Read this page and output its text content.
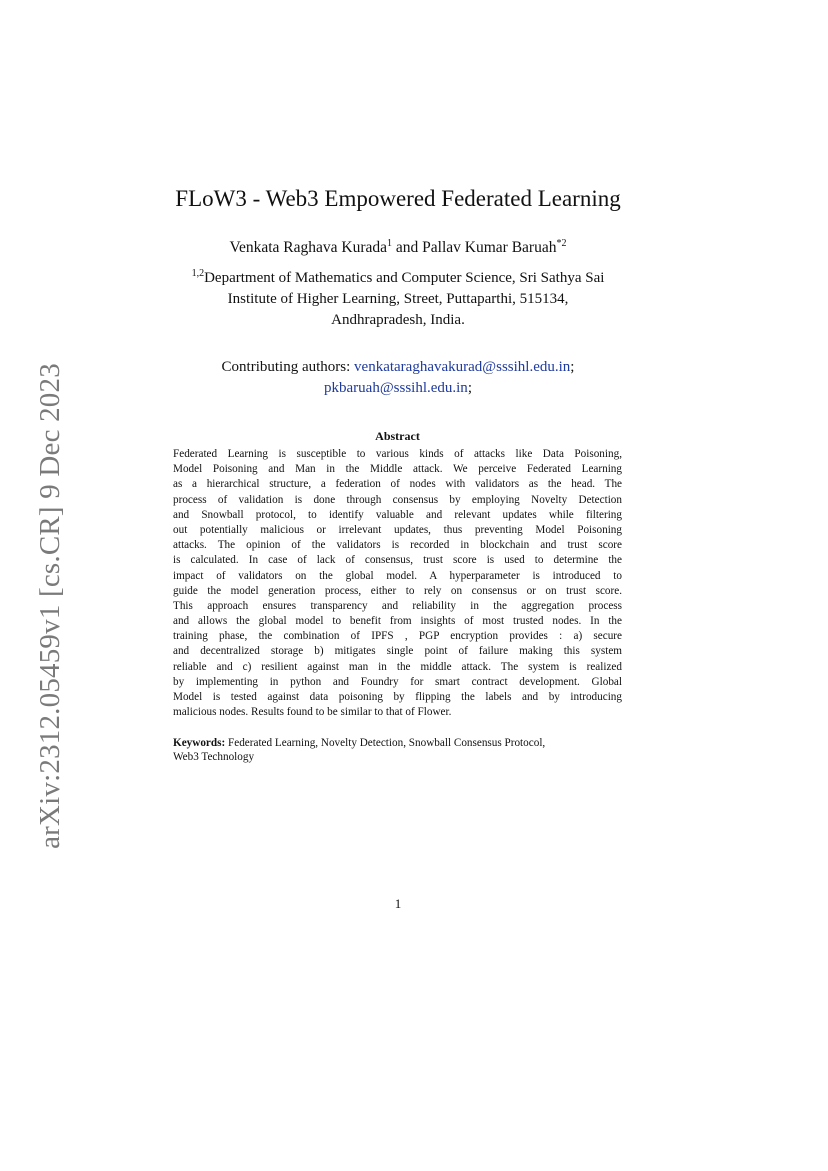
arXiv:2312.05459v1 [cs.CR] 9 Dec 2023
FLoW3 - Web3 Empowered Federated Learning
Venkata Raghava Kurada$^1$ and Pallav Kumar Baruah$^{*2}$
$^{1,2}$Department of Mathematics and Computer Science, Sri Sathya Sai
Institute of Higher Learning, Street, Puttaparthi, 515134,
Andhrapradesh, India.
Contributing authors: venkataraghavakurad@sssihl.edu.in;
pkbaruah@sssihl.edu.in;
Abstract
Federated Learning is susceptible to various kinds of attacks like Data Poisoning,
Model Poisoning and Man in the Middle attack. We perceive Federated Learning
as a hierarchical structure, a federation of nodes with validators as the head. The
process of validation is done through consensus by employing Novelty Detection
and Snowball protocol, to identify valuable and relevant updates while filtering
out potentially malicious or irrelevant updates, thus preventing Model Poisoning
attacks. The opinion of the validators is recorded in blockchain and trust score
is calculated. In case of lack of consensus, trust score is used to determine the
impact of validators on the global model. A hyperparameter is introduced to
guide the model generation process, either to rely on consensus or on trust score.
This approach ensures transparency and reliability in the aggregation process
and allows the global model to benefit from insights of most trusted nodes. In the
training phase, the combination of IPFS , PGP encryption provides : a) secure
and decentralized storage b) mitigates single point of failure making this system
reliable and c) resilient against man in the middle attack. The system is realized
by implementing in python and Foundry for smart contract development. Global
Model is tested against data poisoning by flipping the labels and by introducing
malicious nodes. Results found to be similar to that of Flower.
Keywords: Federated Learning, Novelty Detection, Snowball Consensus Protocol,
Web3 Technology
1
